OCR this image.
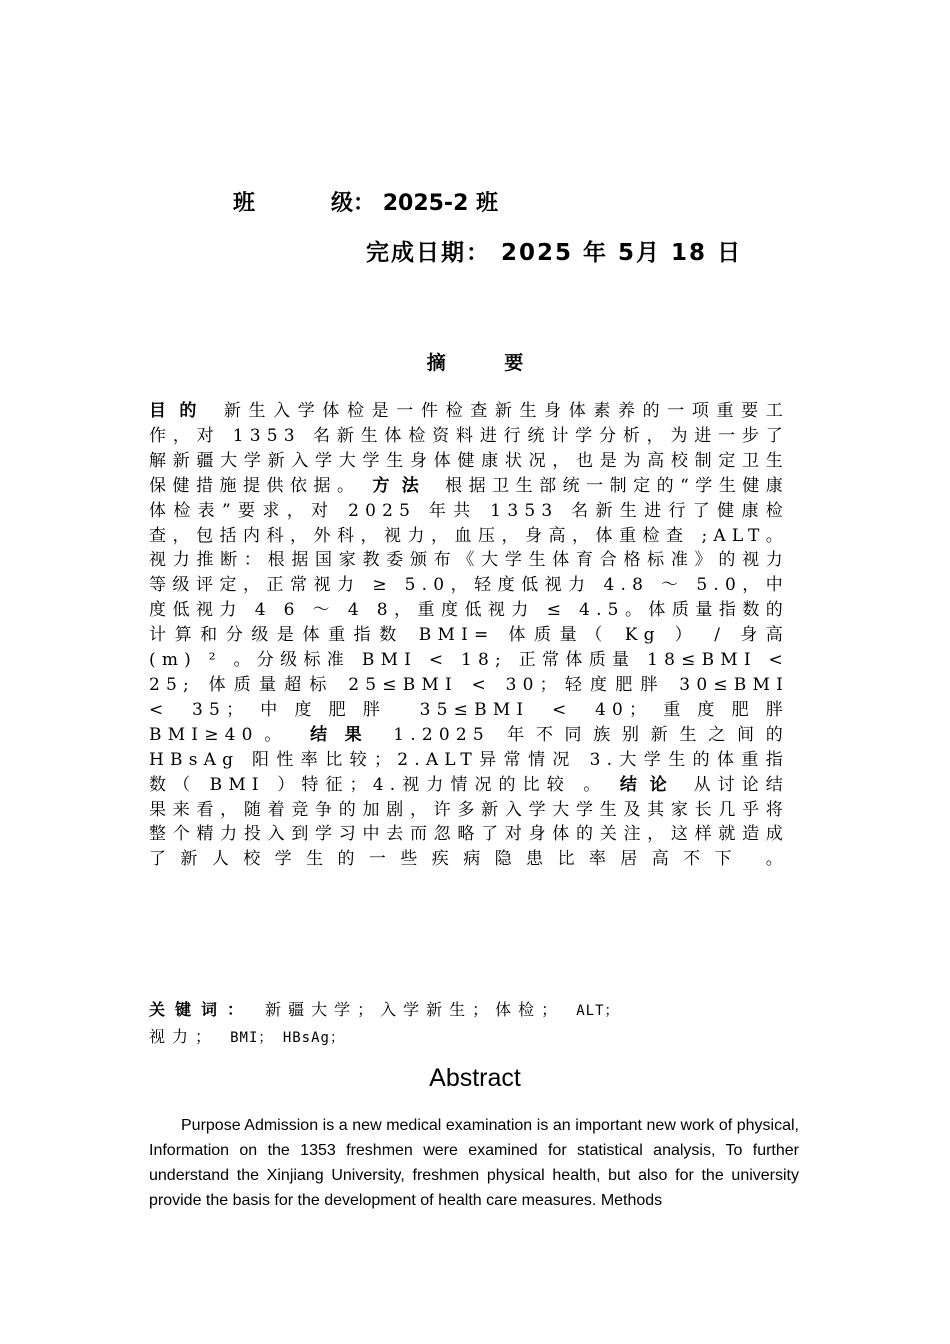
班	级： 2025-2 班
完成日期： 2025 年 5月 18 日
摘 要
目的 新生入学体检是一件检查新生身体素养的一项重要工作，对 1353 名新生体检资料进行统计学分析，为进一步了解新疆大学新入学大学生身体健康状况，也是为高校制定卫生保健措施提供依据。 方法 根据卫生部统一制定的“学生健康体检表”要求，对 2025 年共 1353 名新生进行了健康检查，包括内科，外科，视力，血压，身高，体重检查 ;ALT。视力推断：根据国家教委颁布《大学生体育合格标准》的视力等级评定，正常视力 ≥ 5.0，轻度低视力 4.8 ～ 5.0，中度低视力 4 6 ～ 4 8，重度低视力 ≤ 4.5。体质量指数的计算和分级是体重指数 BMI= 体质量（ Kg ） / 身高 (m) ² 。分级标准 BMI < 18; 正常体质量 18≤BMI < 25; 体质量超标 25≤BMI < 30；轻度肥胖 30≤BMI < 35；中度肥胖 35≤BMI < 40；重度肥胖 BMI≥40。 结果 1.2025 年不同族别新生之间的 HBsAg 阳性率比较；2.ALT异常情况 3.大学生的体重指数（ BMI ）特征；4.视力情况的比较 。 结论 从讨论结果来看，随着竞争的加剧，许多新入学大学生及其家长几乎将整个精力投入到学习中去而忽略了对身体的关注，这样就造成了新人校学生的一些疾病隐患比率居高不下 。
关键词： 新疆大学；入学新生；体检； ALT；
视力； BMI； HBsAg；
Abstract
Purpose Admission is a new medical examination is an important new work of physical, Information on the 1353 freshmen were examined for statistical analysis, To further understand the Xinjiang University, freshmen physical health, but also for the university provide the basis for the development of health care measures. Methods
